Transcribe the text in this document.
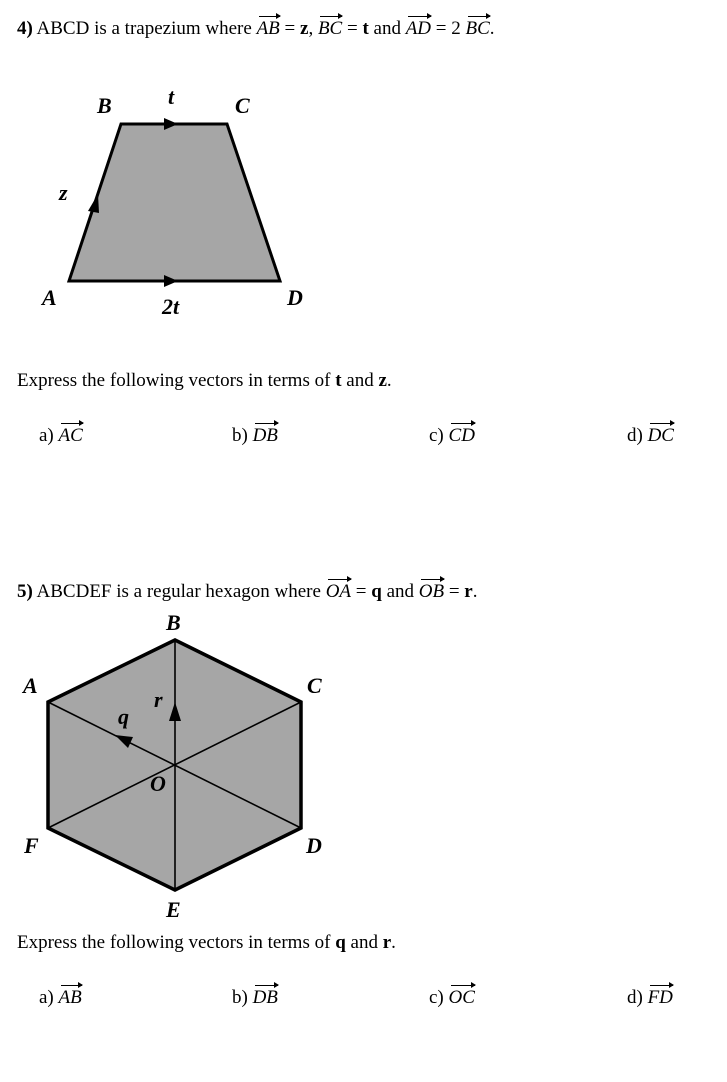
4) ABCD is a trapezium where AB = z, BC = t and AD = 2 BC.
B	C
A	D
t
z
2t
B
A	C
F	D
E
O
q
r
Express the following vectors in terms of t and z.
a) AC	b) DB	c) CD	d) DC
5) ABCDEF is a regular hexagon where OA = q and OB = r.
Express the following vectors in terms of q and r.
a) AB	b) DB	c) OC	d) FD
